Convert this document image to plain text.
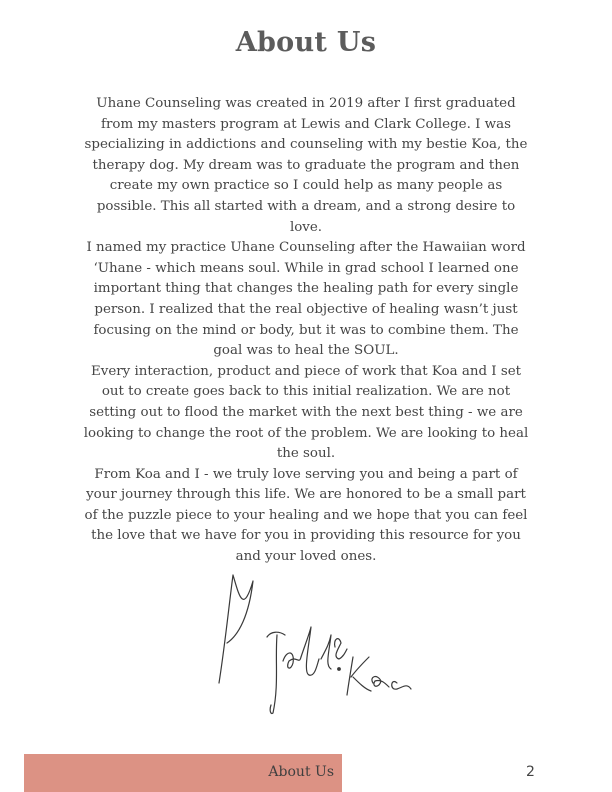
About Us

Uhane Counseling was created in 2019 after I first graduated from my masters program at Lewis and Clark College. I was specializing in addictions and counseling with my bestie Koa, the therapy dog. My dream was to graduate the program and then create my own practice so I could help as many people as possible. This all started with a dream, and a strong desire to love.

I named my practice Uhane Counseling after the Hawaiian word ‘Uhane - which means soul. While in grad school I learned one important thing that changes the healing path for every single person. I realized that the real objective of healing wasn’t just focusing on the mind or body, but it was to combine them. The goal was to heal the SOUL.

Every interaction, product and piece of work that Koa and I set out to create goes back to this initial realization. We are not setting out to flood the market with the next best thing - we are looking to change the root of the problem. We are looking to heal the soul.

From Koa and I - we truly love serving you and being a part of your journey through this life. We are honored to be a small part of the puzzle piece to your healing and we hope that you can feel the love that we have for you in providing this resource for you and your loved ones.

About Us	2
